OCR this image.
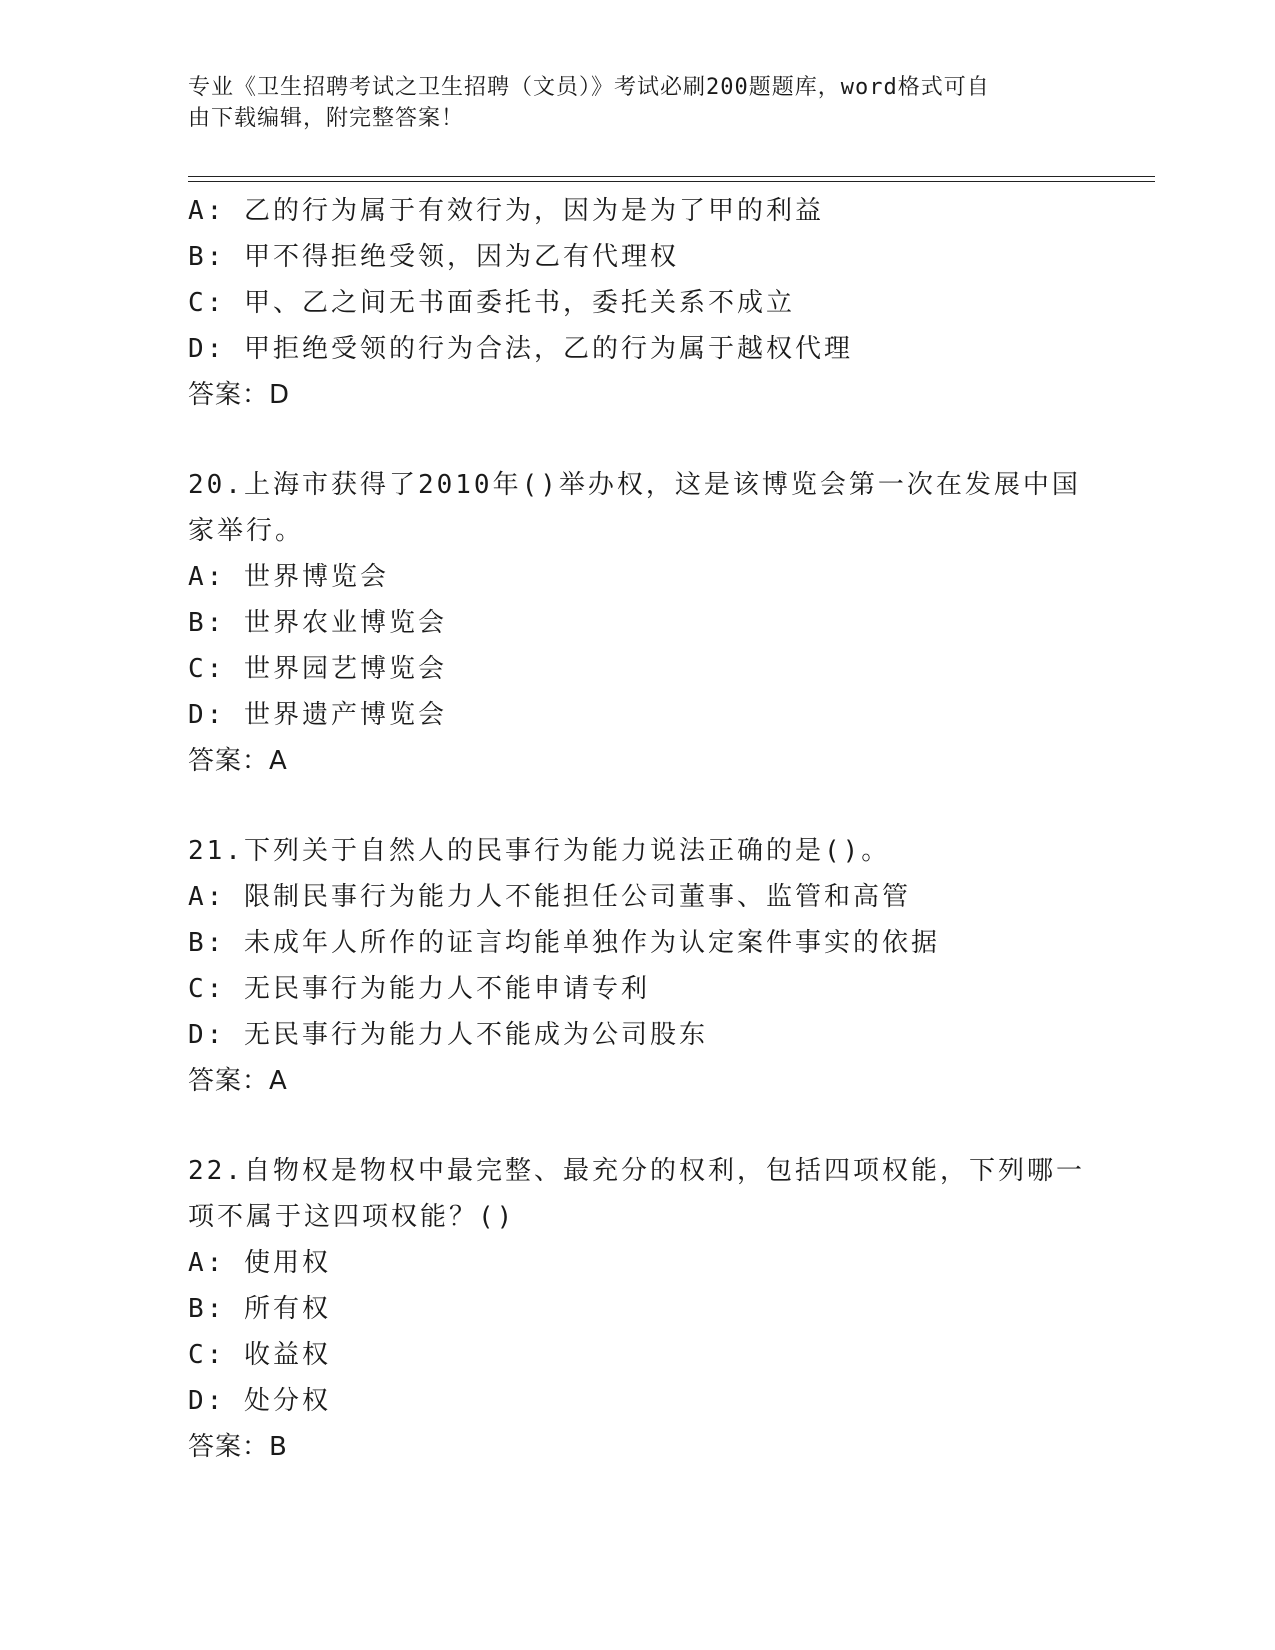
专业《卫生招聘考试之卫生招聘（文员）》考试必刷200题题库，word格式可自
由下载编辑，附完整答案！
A: 乙的行为属于有效行为，因为是为了甲的利益
B: 甲不得拒绝受领，因为乙有代理权
C: 甲、乙之间无书面委托书，委托关系不成立
D: 甲拒绝受领的行为合法，乙的行为属于越权代理
答案：D
20.上海市获得了2010年()举办权，这是该博览会第一次在发展中国
家举行。
A: 世界博览会
B: 世界农业博览会
C: 世界园艺博览会
D: 世界遗产博览会
答案：A
21.下列关于自然人的民事行为能力说法正确的是()。
A: 限制民事行为能力人不能担任公司董事、监管和高管
B: 未成年人所作的证言均能单独作为认定案件事实的依据
C: 无民事行为能力人不能申请专利
D: 无民事行为能力人不能成为公司股东
答案：A
22.自物权是物权中最完整、最充分的权利，包括四项权能，下列哪一
项不属于这四项权能？()
A: 使用权
B: 所有权
C: 收益权
D: 处分权
答案：B
